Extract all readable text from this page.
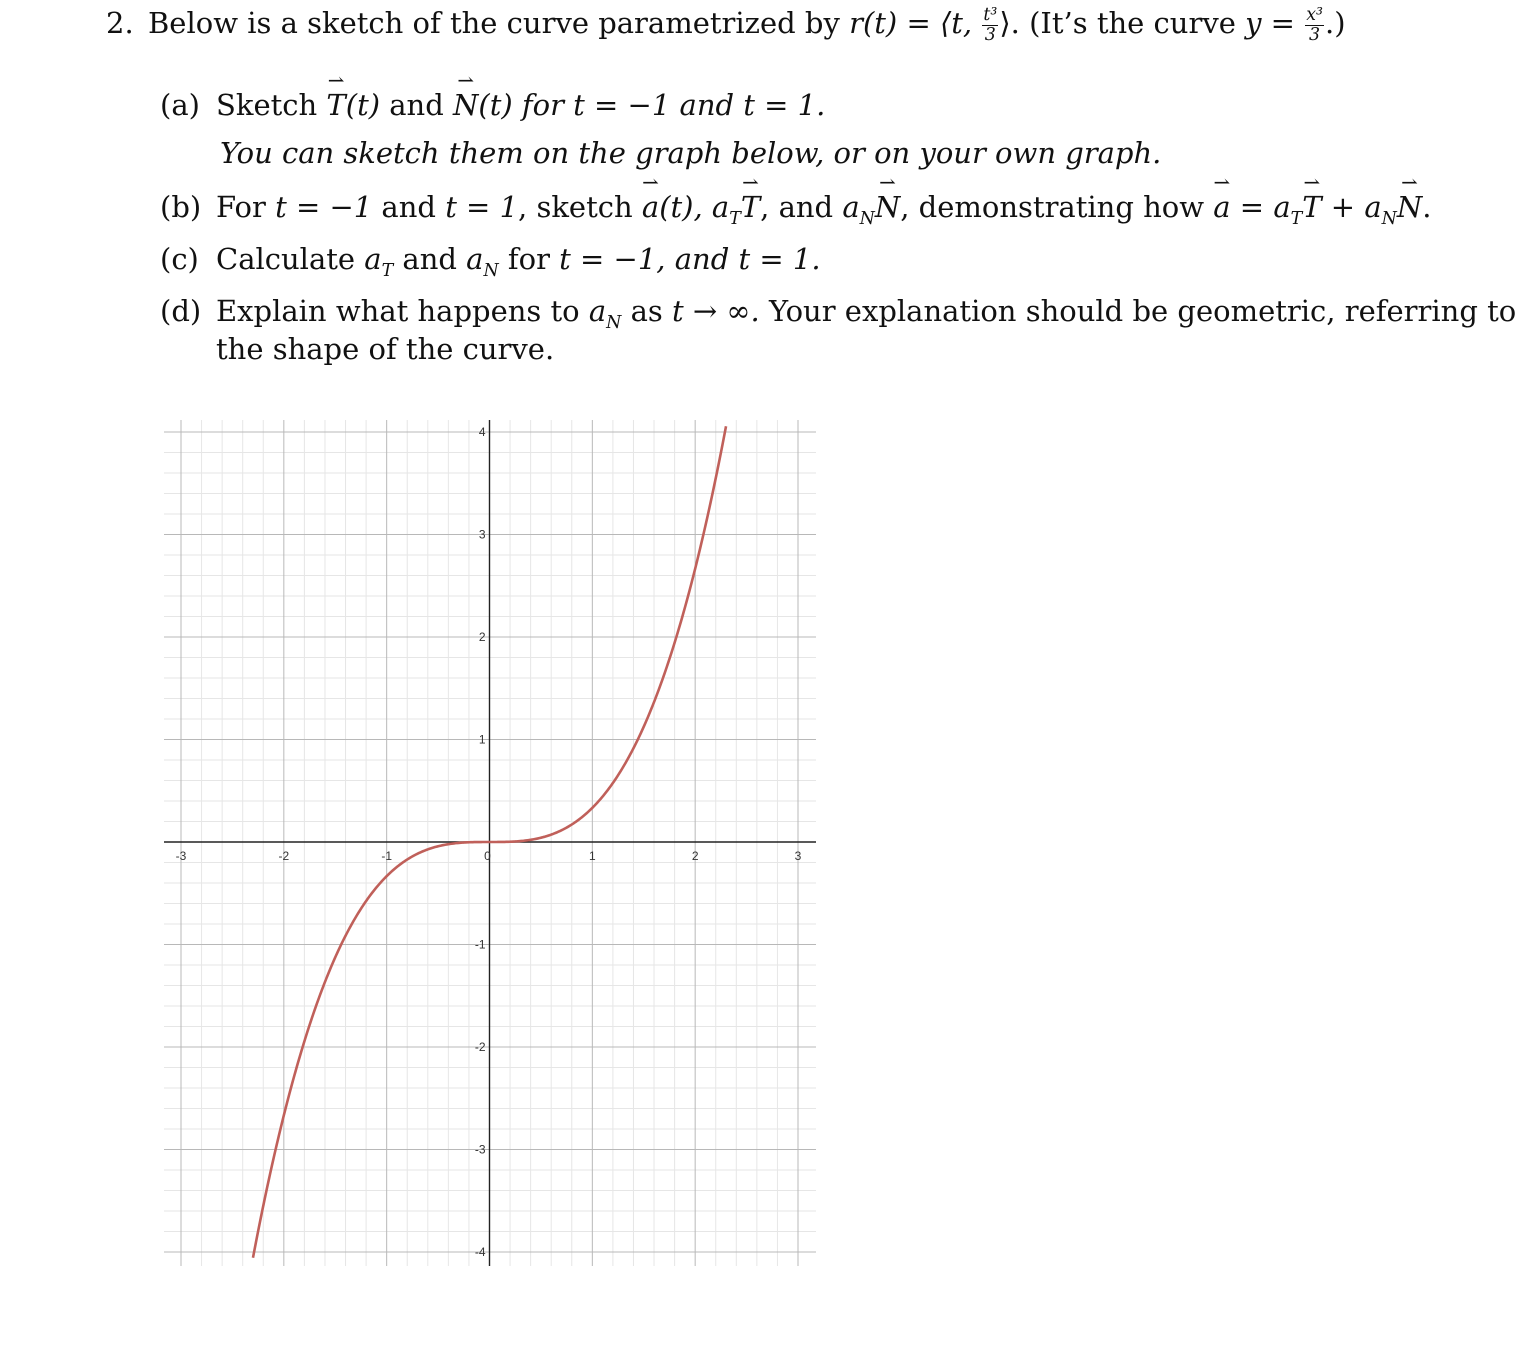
2. Below is a sketch of the curve parametrized by ⇀ r(t) = ⟨t, $\frac{\text{t³}}{3}$ ⟩. (It’s the curve $y = \frac{\text{x³}}{3}$ .)
(a) Sketch ⇀ T(t) and ⇀ N(t) for t = −1 and t = 1.
You can sketch them on the graph below, or on your own graph.
(b) For t = −1 and t = 1, sketch ⇀ a(t), $a_T⇀$ T, and $a_N⇀$ N, demonstrating how ⇀ $a = a_T⇀$ $T + a_N⇀$ N.
(c) Calculate $a_T$ and $a_N$ for t = −1, and t = 1.
(d) Explain what happens to $a_N$ as t → ∞. Your explanation should be geometric, referring to
the shape of the curve.
-3	-2	-1	0	1	2	3
4
3
2
1
-1
-2
-3
-4
